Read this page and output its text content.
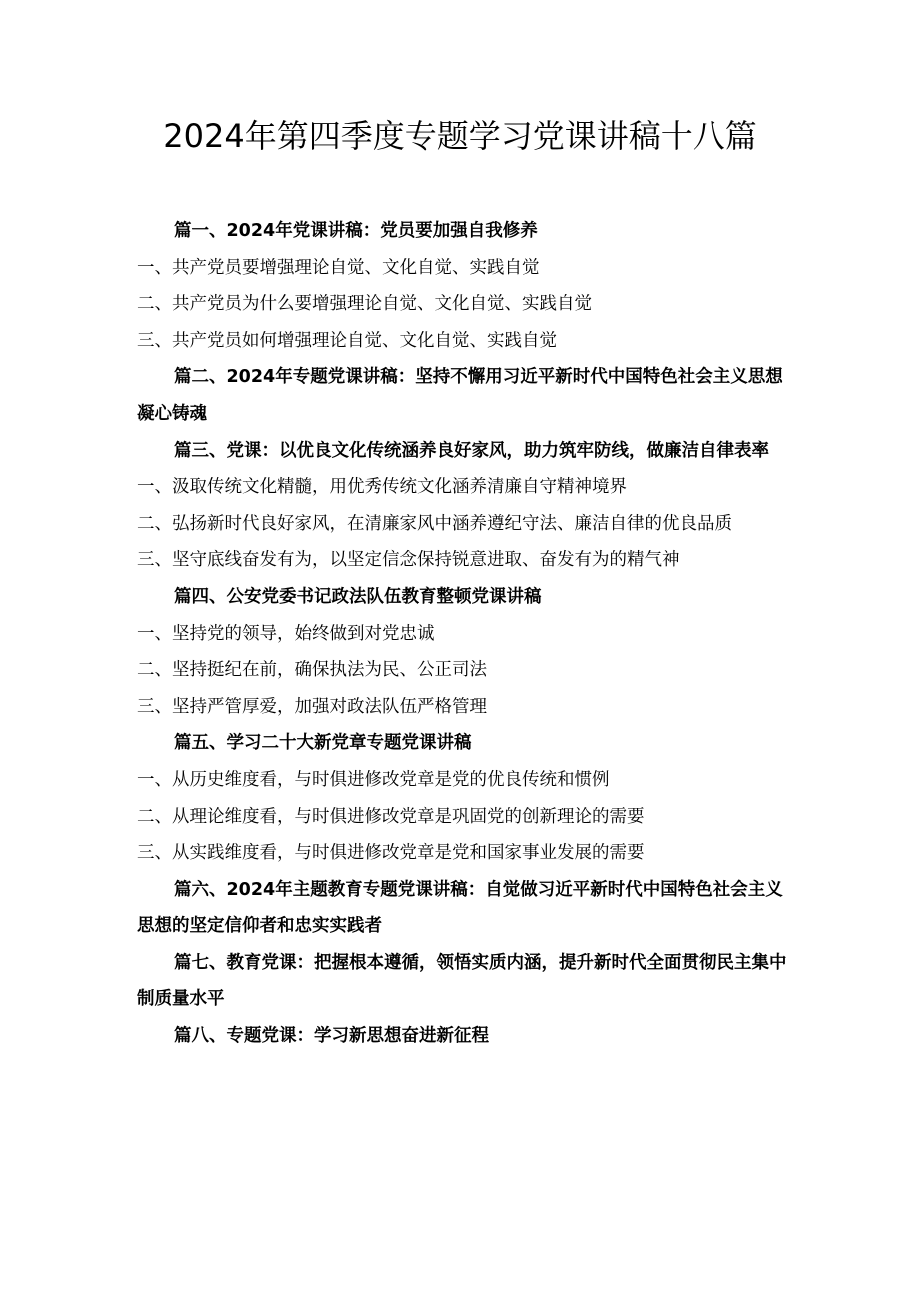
2024年第四季度专题学习党课讲稿十八篇

篇一、2024年党课讲稿：党员要加强自我修养

一、共产党员要增强理论自觉、文化自觉、实践自觉

二、共产党员为什么要增强理论自觉、文化自觉、实践自觉

三、共产党员如何增强理论自觉、文化自觉、实践自觉

篇二、2024年专题党课讲稿：坚持不懈用习近平新时代中国特色社会主义思想凝心铸魂

篇三、党课：以优良文化传统涵养良好家风，助力筑牢防线，做廉洁自律表率

一、汲取传统文化精髓，用优秀传统文化涵养清廉自守精神境界

二、弘扬新时代良好家风，在清廉家风中涵养遵纪守法、廉洁自律的优良品质

三、坚守底线奋发有为，以坚定信念保持锐意进取、奋发有为的精气神

篇四、公安党委书记政法队伍教育整顿党课讲稿

一、坚持党的领导，始终做到对党忠诚

二、坚持挺纪在前，确保执法为民、公正司法

三、坚持严管厚爱，加强对政法队伍严格管理

篇五、学习二十大新党章专题党课讲稿

一、从历史维度看，与时俱进修改党章是党的优良传统和惯例

二、从理论维度看，与时俱进修改党章是巩固党的创新理论的需要

三、从实践维度看，与时俱进修改党章是党和国家事业发展的需要

篇六、2024年主题教育专题党课讲稿：自觉做习近平新时代中国特色社会主义思想的坚定信仰者和忠实实践者

篇七、教育党课：把握根本遵循，领悟实质内涵，提升新时代全面贯彻民主集中制质量水平

篇八、专题党课：学习新思想奋进新征程
